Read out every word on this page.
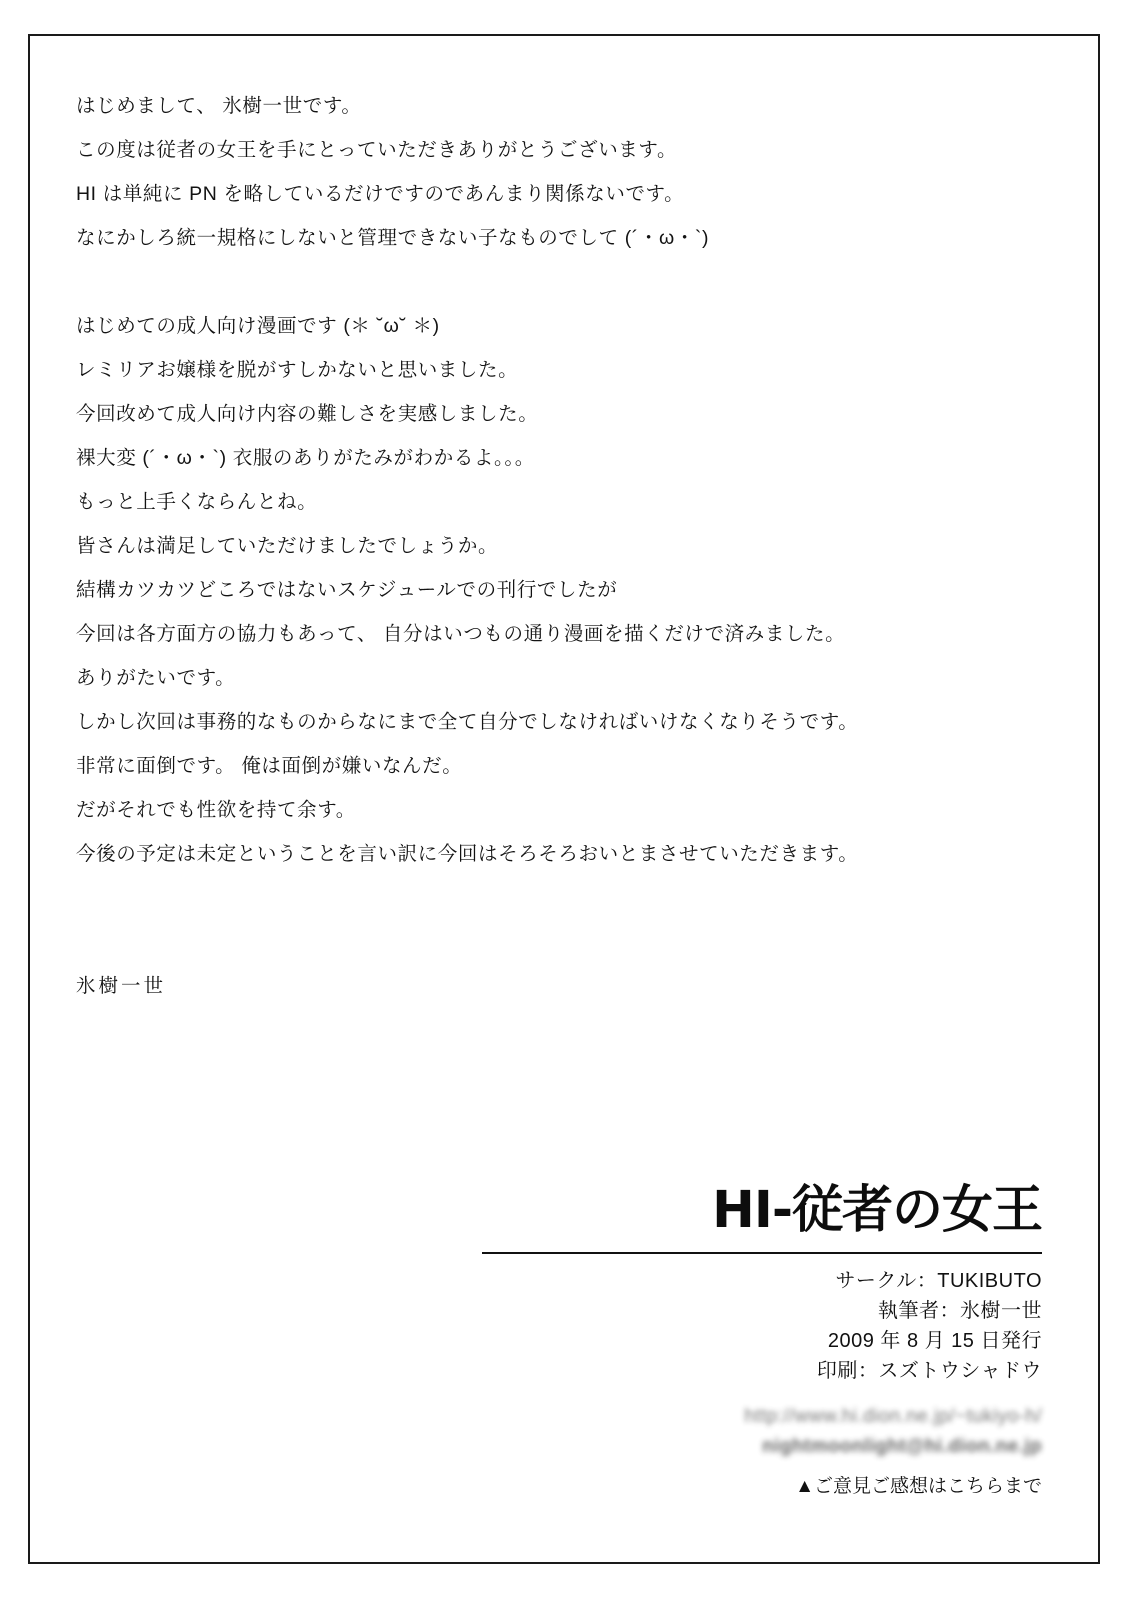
はじめまして、 氷樹一世です。
この度は従者の女王を手にとっていただきありがとうございます。
HI は単純に PN を略しているだけですのであんまり関係ないです。
なにかしろ統一規格にしないと管理できない子なものでして (´・ω・`)
はじめての成人向け漫画です (＊ ˘ω˘ ＊)
レミリアお嬢様を脱がすしかないと思いました。
今回改めて成人向け内容の難しさを実感しました。
裸大変 (´・ω・`) 衣服のありがたみがわかるよ。。。
もっと上手くならんとね。
皆さんは満足していただけましたでしょうか。
結構カツカツどころではないスケジュールでの刊行でしたが
今回は各方面方の協力もあって、 自分はいつもの通り漫画を描くだけで済みました。
ありがたいです。
しかし次回は事務的なものからなにまで全て自分でしなければいけなくなりそうです。
非常に面倒です。 俺は面倒が嫌いなんだ。
だがそれでも性欲を持て余す。
今後の予定は未定ということを言い訳に今回はそろそろおいとまさせていただきます。
氷樹一世
HI-従者の女王
サークル：TUKIBUTO
執筆者：氷樹一世
2009 年 8 月 15 日発行
印刷：スズトウシャドウ
http://www.hi.dion.ne.jp/~tukiyo-h/
nightmoonlight@hi.dion.ne.jp
▲ご意見ご感想はこちらまで
